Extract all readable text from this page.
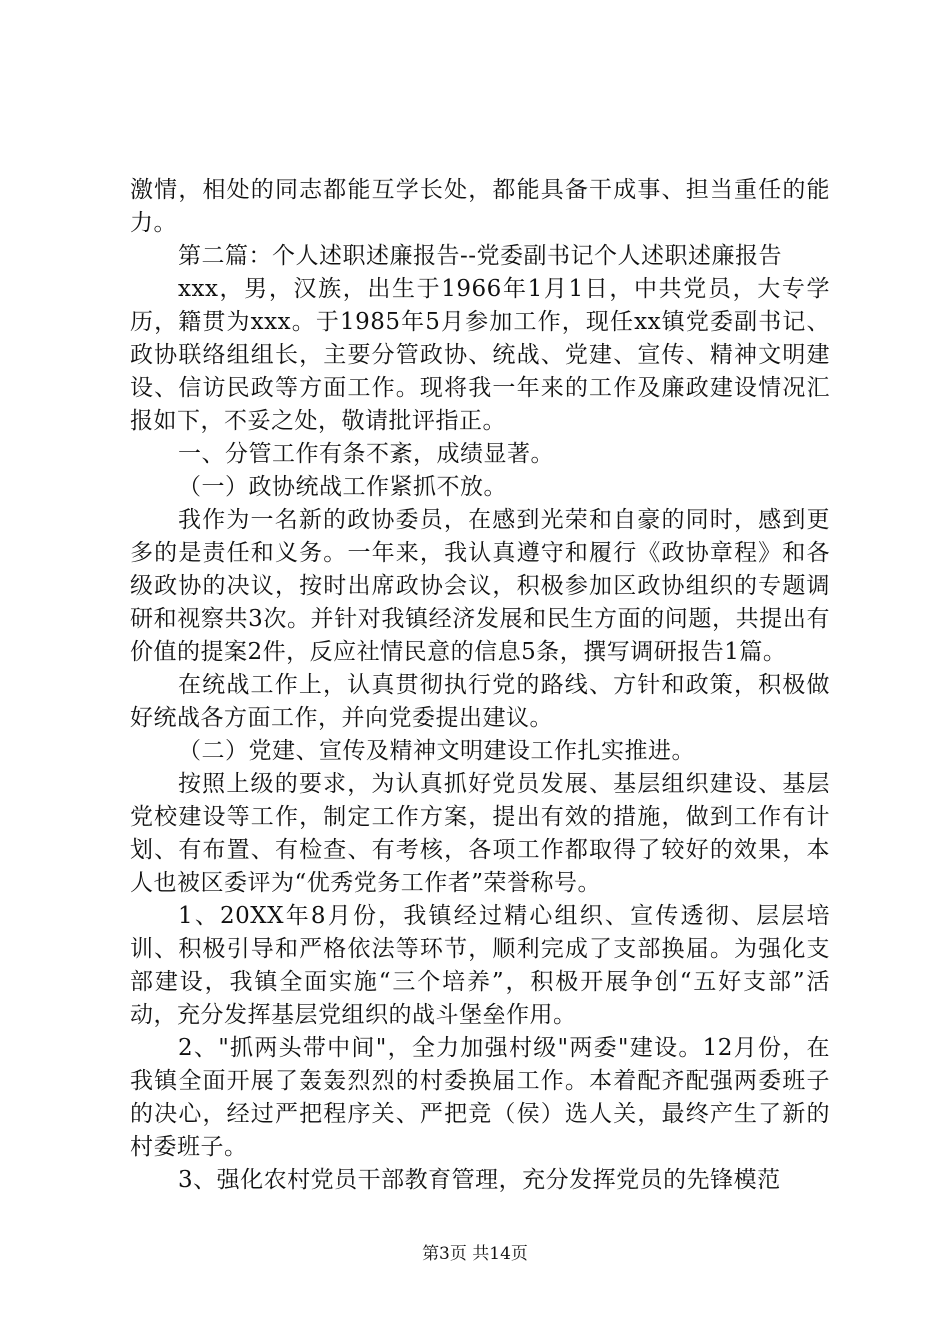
激情，相处的同志都能互学长处，都能具备干成事、担当重任的能力。

第二篇：个人述职述廉报告--党委副书记个人述职述廉报告

xxx，男，汉族，出生于1966年1月1日，中共党员，大专学历，籍贯为xxx。于1985年5月参加工作，现任xx镇党委副书记、政协联络组组长，主要分管政协、统战、党建、宣传、精神文明建设、信访民政等方面工作。现将我一年来的工作及廉政建设情况汇报如下，不妥之处，敬请批评指正。

一、分管工作有条不紊，成绩显著。

（一）政协统战工作紧抓不放。

我作为一名新的政协委员，在感到光荣和自豪的同时，感到更多的是责任和义务。一年来，我认真遵守和履行《政协章程》和各级政协的决议，按时出席政协会议，积极参加区政协组织的专题调研和视察共3次。并针对我镇经济发展和民生方面的问题，共提出有价值的提案2件，反应社情民意的信息5条，撰写调研报告1篇。

在统战工作上，认真贯彻执行党的路线、方针和政策，积极做好统战各方面工作，并向党委提出建议。

（二）党建、宣传及精神文明建设工作扎实推进。

按照上级的要求，为认真抓好党员发展、基层组织建设、基层党校建设等工作，制定工作方案，提出有效的措施，做到工作有计划、有布置、有检查、有考核，各项工作都取得了较好的效果，本人也被区委评为“优秀党务工作者”荣誉称号。

1、20XX年8月份，我镇经过精心组织、宣传透彻、层层培训、积极引导和严格依法等环节，顺利完成了支部换届。为强化支部建设，我镇全面实施“三个培养”，积极开展争创“五好支部”活动，充分发挥基层党组织的战斗堡垒作用。

2、"抓两头带中间"，全力加强村级"两委"建设。12月份，在我镇全面开展了轰轰烈烈的村委换届工作。本着配齐配强两委班子的决心，经过严把程序关、严把竞（侯）选人关，最终产生了新的村委班子。

3、强化农村党员干部教育管理，充分发挥党员的先锋模范

第3页 共14页
